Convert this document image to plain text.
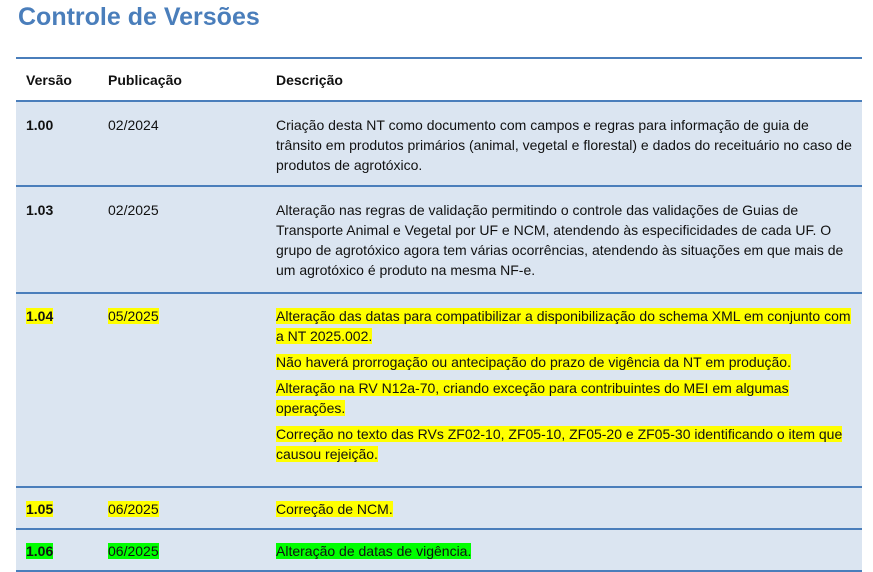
Controle de Versões
Versão	Publicação	Descrição
1.00	02/2024	Criação desta NT como documento com campos e regras para informação de guia de trânsito em produtos primários (animal, vegetal e florestal) e dados do receituário no caso de produtos de agrotóxico.

1.03	02/2025	Alteração nas regras de validação permitindo o controle das validações de Guias de Transporte Animal e Vegetal por UF e NCM, atendendo às especificidades de cada UF. O grupo de agrotóxico agora tem várias ocorrências, atendendo às situações em que mais de um agrotóxico é produto na mesma NF-e.

1.04	05/2025	Alteração das datas para compatibilizar a disponibilização do schema XML em conjunto com a NT 2025.002.

Não haverá prorrogação ou antecipação do prazo de vigência da NT em produção.

Alteração na RV N12a-70, criando exceção para contribuintes do MEI em algumas operações.

Correção no texto das RVs ZF02-10, ZF05-10, ZF05-20 e ZF05-30 identificando o item que causou rejeição.

1.05	06/2025	Correção de NCM.

1.06	06/2025	Alteração de datas de vigência.
